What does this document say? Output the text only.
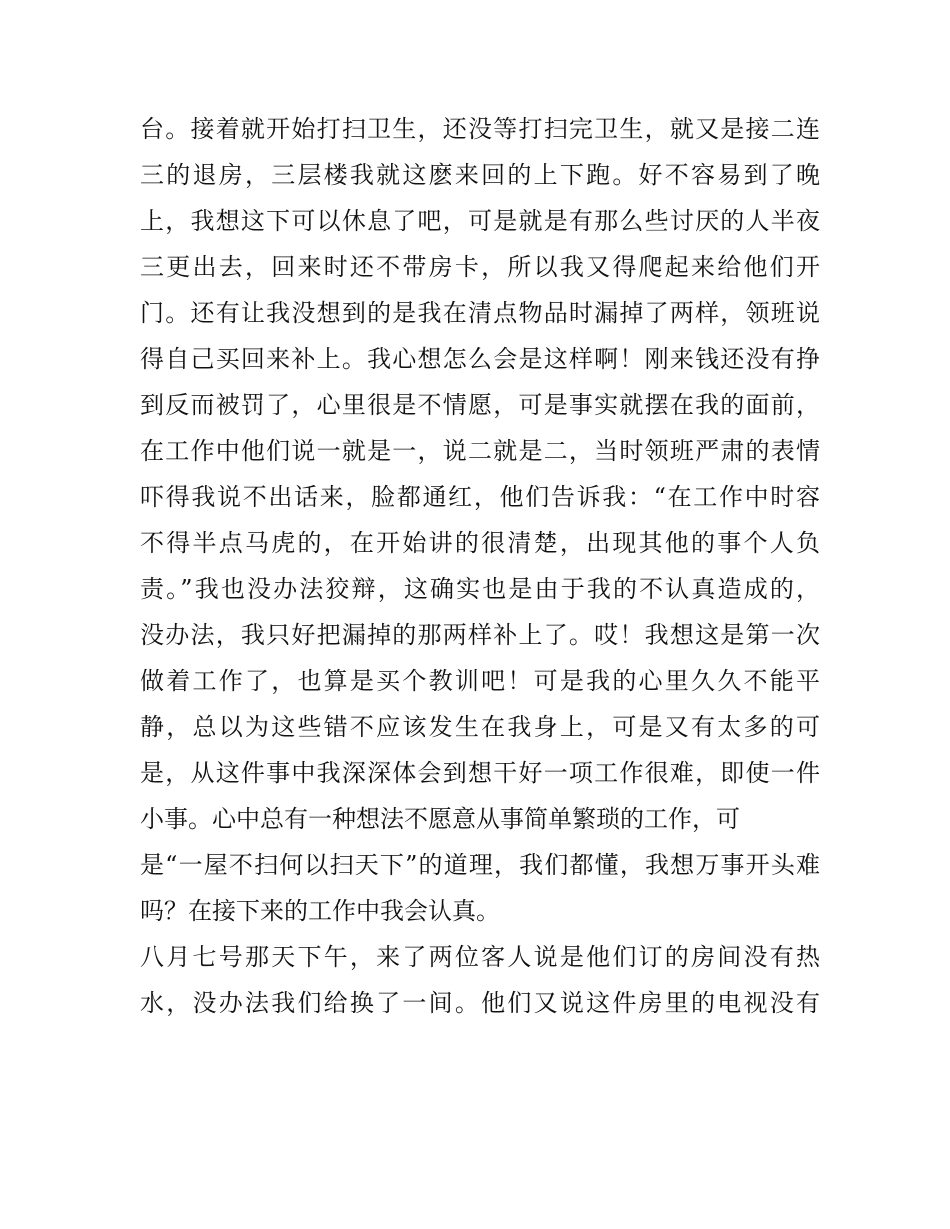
台。接着就开始打扫卫生，还没等打扫完卫生，就又是接二连
三的退房，三层楼我就这麽来回的上下跑。好不容易到了晚
上，我想这下可以休息了吧，可是就是有那么些讨厌的人半夜
三更出去，回来时还不带房卡，所以我又得爬起来给他们开
门。还有让我没想到的是我在清点物品时漏掉了两样，领班说
得自己买回来补上。我心想怎么会是这样啊！刚来钱还没有挣
到反而被罚了，心里很是不情愿，可是事实就摆在我的面前，
在工作中他们说一就是一，说二就是二，当时领班严肃的表情
吓得我说不出话来，脸都通红，他们告诉我：“在工作中时容
不得半点马虎的，在开始讲的很清楚，出现其他的事个人负
责。”我也没办法狡辩，这确实也是由于我的不认真造成的，
没办法，我只好把漏掉的那两样补上了。哎！我想这是第一次
做着工作了，也算是买个教训吧！可是我的心里久久不能平
静，总以为这些错不应该发生在我身上，可是又有太多的可
是，从这件事中我深深体会到想干好一项工作很难，即使一件
小事。心中总有一种想法不愿意从事简单繁琐的工作，可
是“一屋不扫何以扫天下”的道理，我们都懂，我想万事开头难
吗？在接下来的工作中我会认真。
八月七号那天下午，来了两位客人说是他们订的房间没有热
水，没办法我们给换了一间。他们又说这件房里的电视没有
